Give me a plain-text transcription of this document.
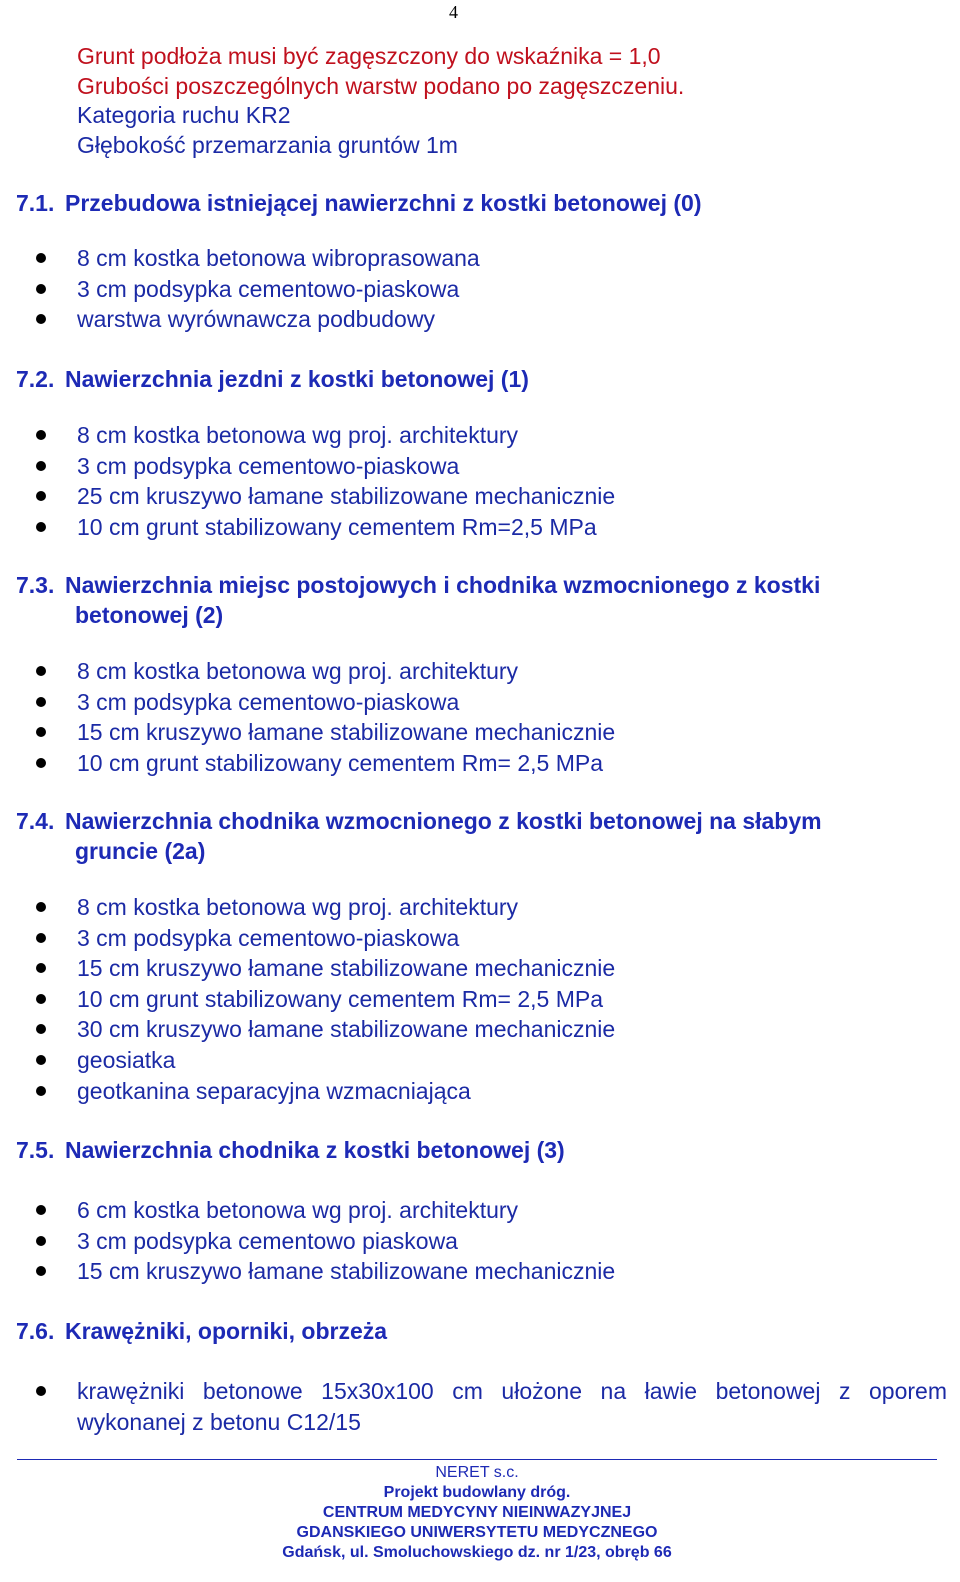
4

Grunt podłoża musi być zagęszczony do wskaźnika = 1,0
Grubości poszczególnych warstw podano po zagęszczeniu.
Kategoria ruchu KR2
Głębokość przemarzania gruntów 1m

7.1. Przebudowa istniejącej nawierzchni z kostki betonowej (0)
8 cm kostka betonowa wibroprasowana
3 cm podsypka cementowo-piaskowa
warstwa wyrównawcza podbudowy
7.2. Nawierzchnia jezdni z kostki betonowej (1)
8 cm kostka betonowa wg proj. architektury
3 cm podsypka cementowo-piaskowa
25 cm kruszywo łamane stabilizowane mechanicznie
10 cm grunt stabilizowany cementem Rm=2,5 MPa
7.3. Nawierzchnia miejsc postojowych i chodnika wzmocnionego z kostki
betonowej (2)
8 cm kostka betonowa wg proj. architektury
3 cm podsypka cementowo-piaskowa
15 cm kruszywo łamane stabilizowane mechanicznie
10 cm grunt stabilizowany cementem Rm= 2,5 MPa
7.4. Nawierzchnia chodnika wzmocnionego z kostki betonowej na słabym
gruncie (2a)
8 cm kostka betonowa wg proj. architektury
3 cm podsypka cementowo-piaskowa
15 cm kruszywo łamane stabilizowane mechanicznie
10 cm grunt stabilizowany cementem Rm= 2,5 MPa
30 cm kruszywo łamane stabilizowane mechanicznie
geosiatka
geotkanina separacyjna wzmacniająca
7.5. Nawierzchnia chodnika z kostki betonowej (3)
6 cm kostka betonowa wg proj. architektury
3 cm podsypka cementowo piaskowa
15 cm kruszywo łamane stabilizowane mechanicznie
7.6. Krawężniki, oporniki, obrzeża
krawężniki betonowe 15x30x100 cm ułożone na ławie betonowej z oporem wykonanej z betonu C12/15
NERET s.c.
Projekt budowlany dróg.
CENTRUM MEDYCYNY NIEINWAZYJNEJ
GDANSKIEGO UNIWERSYTETU MEDYCZNEGO
Gdańsk, ul. Smoluchowskiego dz. nr 1/23, obręb 66
